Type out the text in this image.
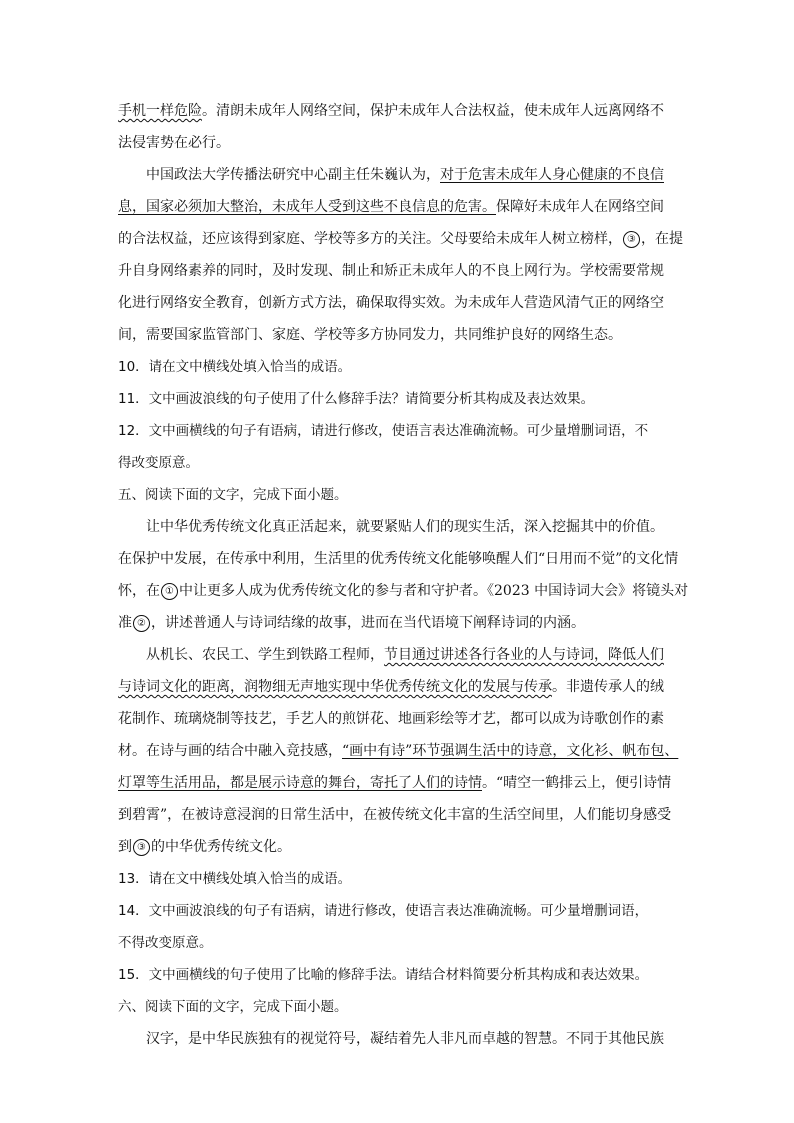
手机一样危险。清朗未成年人网络空间，保护未成年人合法权益，使未成年人远离网络不
法侵害势在必行。
中国政法大学传播法研究中心副主任朱巍认为，对于危害未成年人身心健康的不良信
息，国家必须加大整治，未成年人受到这些不良信息的危害。保障好未成年人在网络空间
的合法权益，还应该得到家庭、学校等多方的关注。父母要给未成年人树立榜样， ③ ，在提
升自身网络素养的同时，及时发现、制止和矫正未成年人的不良上网行为。学校需要常规
化进行网络安全教育，创新方式方法，确保取得实效。为未成年人营造风清气正的网络空
间，需要国家监管部门、家庭、学校等多方协同发力，共同维护良好的网络生态。
10．请在文中横线处填入恰当的成语。
11．文中画波浪线的句子使用了什么修辞手法？请简要分析其构成及表达效果。
12．文中画横线的句子有语病，请进行修改，使语言表达准确流畅。可少量增删词语，不
得改变原意。
五、阅读下面的文字，完成下面小题。
让中华优秀传统文化真正活起来，就要紧贴人们的现实生活，深入挖掘其中的价值。
在保护中发展，在传承中利用，生活里的优秀传统文化能够唤醒人们“日用而不觉”的文化情
怀，在 ① 中让更多人成为优秀传统文化的参与者和守护者。《2023 中国诗词大会》将镜头对
准 ② ，讲述普通人与诗词结缘的故事，进而在当代语境下阐释诗词的内涵。
从机长、农民工、学生到铁路工程师，节目通过讲述各行各业的人与诗词，降低人们
与诗词文化的距离，润物细无声地实现中华优秀传统文化的发展与传承。非遗传承人的绒
花制作、琉璃烧制等技艺，手艺人的煎饼花、地画彩绘等才艺，都可以成为诗歌创作的素
材。在诗与画的结合中融入竞技感，“画中有诗”环节强调生活中的诗意，文化衫、帆布包、
灯罩等生活用品，都是展示诗意的舞台，寄托了人们的诗情。“晴空一鹤排云上，便引诗情
到碧霄”，在被诗意浸润的日常生活中，在被传统文化丰富的生活空间里，人们能切身感受
到 ③ 的中华优秀传统文化。
13．请在文中横线处填入恰当的成语。
14．文中画波浪线的句子有语病，请进行修改，使语言表达准确流畅。可少量增删词语，
不得改变原意。
15．文中画横线的句子使用了比喻的修辞手法。请结合材料简要分析其构成和表达效果。
六、阅读下面的文字，完成下面小题。
汉字，是中华民族独有的视觉符号，凝结着先人非凡而卓越的智慧。不同于其他民族
